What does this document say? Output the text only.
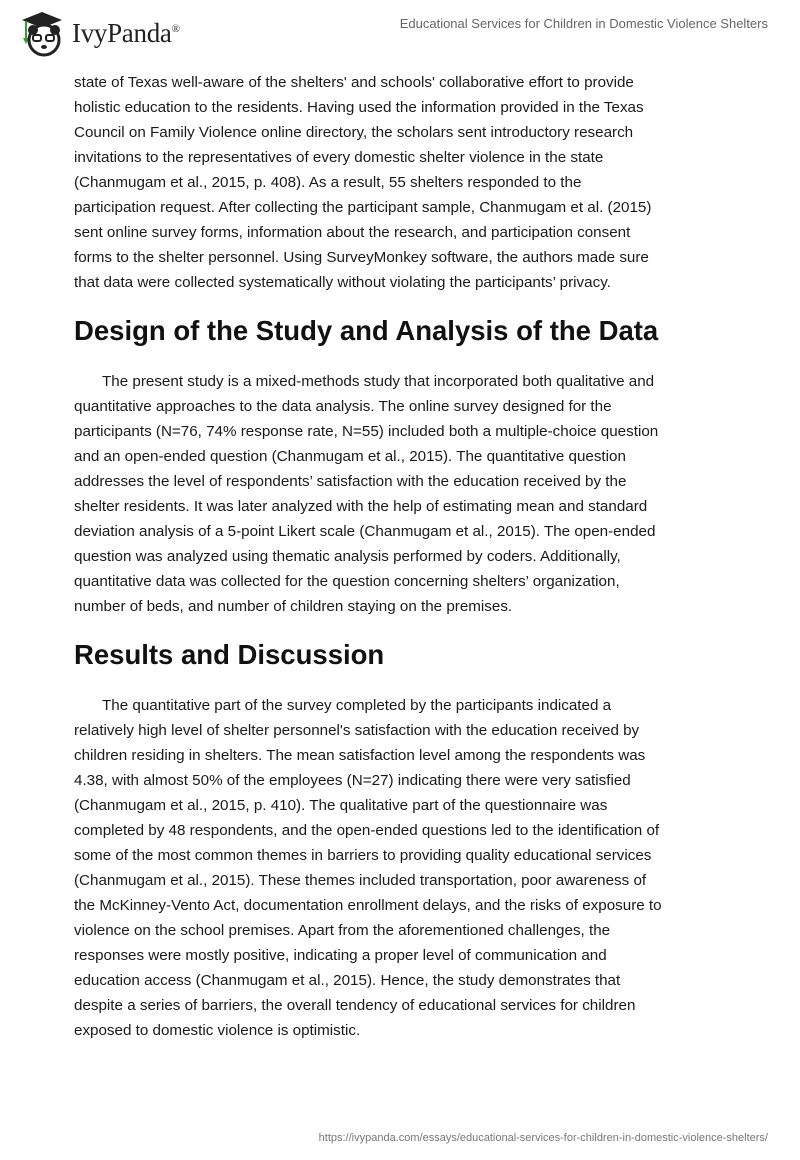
IvyPanda®	Educational Services for Children in Domestic Violence Shelters
state of Texas well-aware of the shelters' and schools' collaborative effort to provide
holistic education to the residents. Having used the information provided in the Texas
Council on Family Violence online directory, the scholars sent introductory research
invitations to the representatives of every domestic shelter violence in the state
(Chanmugam et al., 2015, p. 408). As a result, 55 shelters responded to the
participation request. After collecting the participant sample, Chanmugam et al. (2015)
sent online survey forms, information about the research, and participation consent
forms to the shelter personnel. Using SurveyMonkey software, the authors made sure
that data were collected systematically without violating the participants’ privacy.
Design of the Study and Analysis of the Data
The present study is a mixed-methods study that incorporated both qualitative and
quantitative approaches to the data analysis. The online survey designed for the
participants (N=76, 74% response rate, N=55) included both a multiple-choice question
and an open-ended question (Chanmugam et al., 2015). The quantitative question
addresses the level of respondents’ satisfaction with the education received by the
shelter residents. It was later analyzed with the help of estimating mean and standard
deviation analysis of a 5-point Likert scale (Chanmugam et al., 2015). The open-ended
question was analyzed using thematic analysis performed by coders. Additionally,
quantitative data was collected for the question concerning shelters’ organization,
number of beds, and number of children staying on the premises.
Results and Discussion
The quantitative part of the survey completed by the participants indicated a
relatively high level of shelter personnel's satisfaction with the education received by
children residing in shelters. The mean satisfaction level among the respondents was
4.38, with almost 50% of the employees (N=27) indicating there were very satisfied
(Chanmugam et al., 2015, p. 410). The qualitative part of the questionnaire was
completed by 48 respondents, and the open-ended questions led to the identification of
some of the most common themes in barriers to providing quality educational services
(Chanmugam et al., 2015). These themes included transportation, poor awareness of
the McKinney-Vento Act, documentation enrollment delays, and the risks of exposure to
violence on the school premises. Apart from the aforementioned challenges, the
responses were mostly positive, indicating a proper level of communication and
education access (Chanmugam et al., 2015). Hence, the study demonstrates that
despite a series of barriers, the overall tendency of educational services for children
exposed to domestic violence is optimistic.
https://ivypanda.com/essays/educational-services-for-children-in-domestic-violence-shelters/
